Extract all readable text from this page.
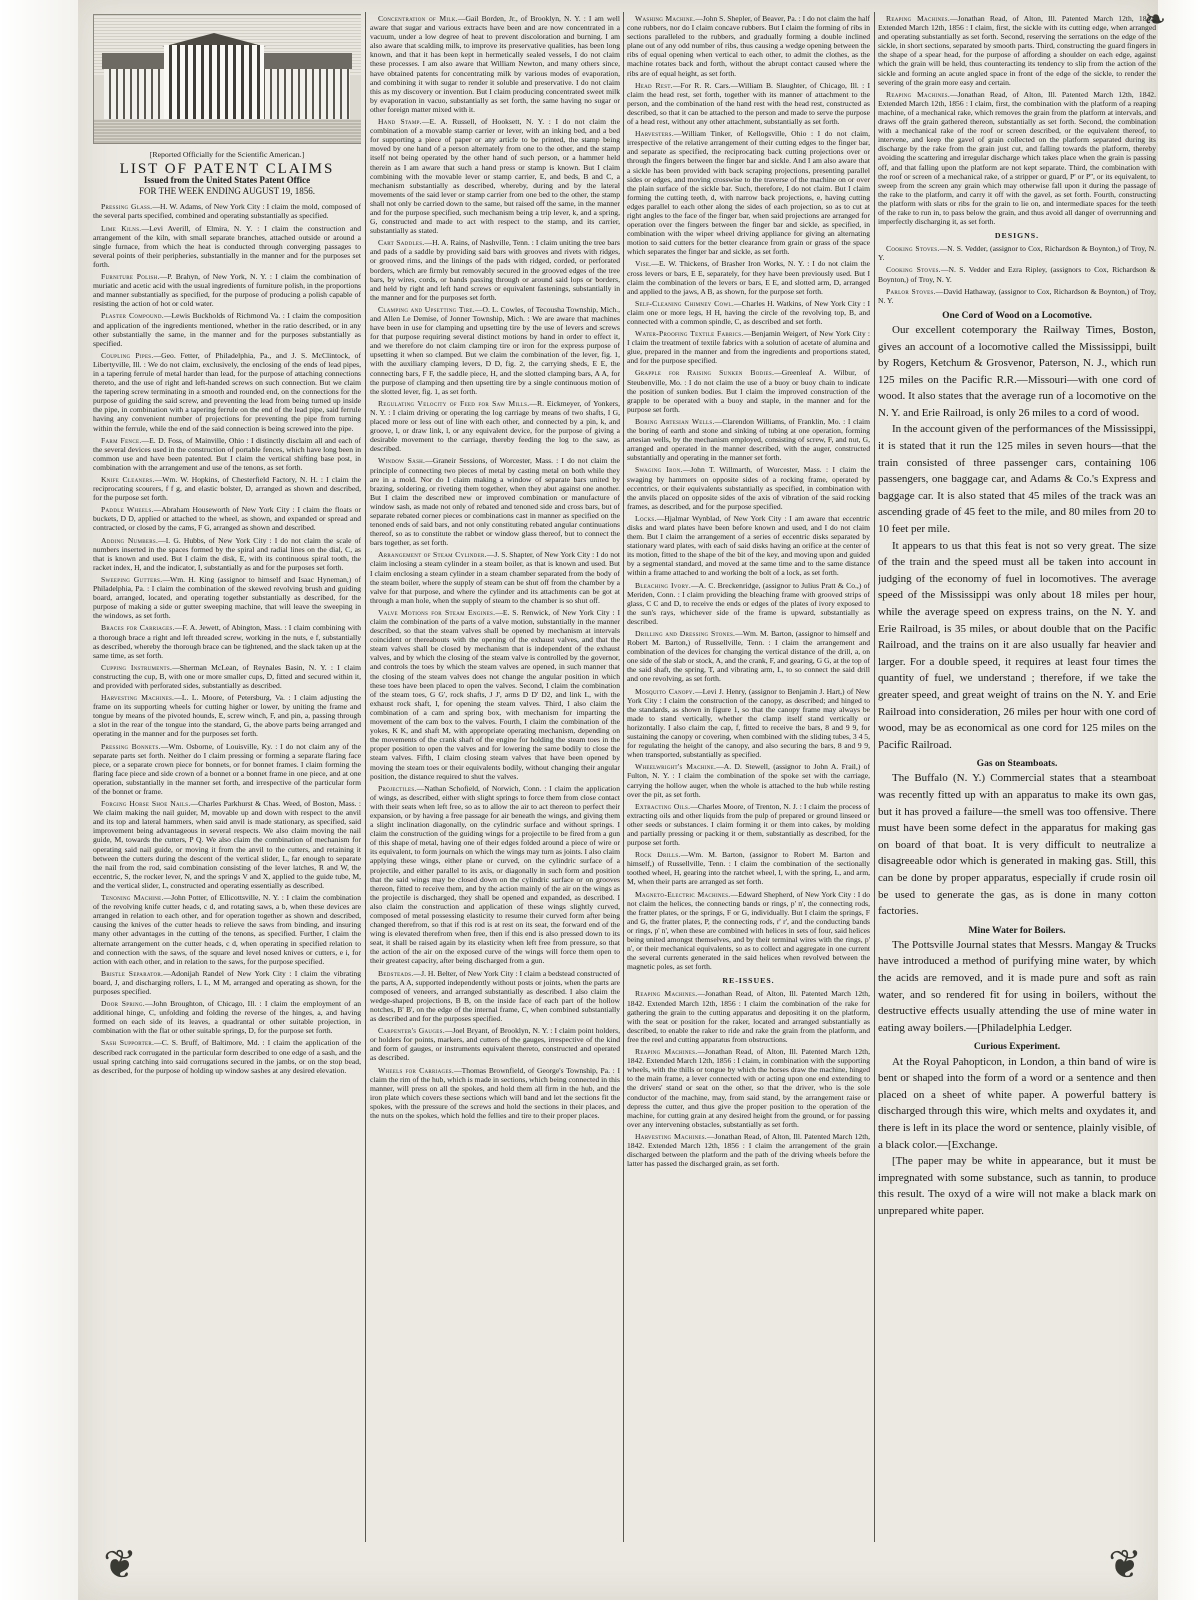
❦	❦
❧
[Reported Officially for the Scientific American.]
LIST OF PATENT CLAIMS
Issued from the United States Patent Office
FOR THE WEEK ENDING AUGUST 19, 1856.

Pressing Glass.—H. W. Adams, of New York City : I claim the mold, composed of the several parts specified, combined and operating substantially as specified.

Lime Kilns.—Levi Averill, of Elmira, N. Y. : I claim the construction and arrangement of the kiln, with small separate branches, attached outside or around a single furnace, from which the heat is conducted through converging passages to several points of their peripheries, substantially in the manner and for the purposes set forth.

Furniture Polish.—P. Brahyn, of New York, N. Y. : I claim the combination of muriatic and acetic acid with the usual ingredients of furniture polish, in the proportions and manner substantially as specified, for the purpose of producing a polish capable of resisting the action of hot or cold water.

Plaster Compound.—Lewis Buckholds of Richmond Va. : I claim the composition and application of the ingredients mentioned, whether in the ratio described, or in any other substantially the same, in the manner and for the purposes substantially as specified.

Coupling Pipes.—Geo. Fetter, of Philadelphia, Pa., and J. S. McClintock, of Libertyville, Ill. : We do not claim, exclusively, the enclosing of the ends of lead pipes, in a tapering ferrule of metal harder than lead, for the purpose of attaching connections thereto, and the use of right and left-handed screws on such connection. But we claim the tapering screw terminating in a smooth and rounded end, on the connections for the purpose of guiding the said screw, and preventing the lead from being turned up inside the pipe, in combination with a tapering ferrule on the end of the lead pipe, said ferrule having any convenient number of projections for preventing the pipe from turning within the ferrule, while the end of the said connection is being screwed into the pipe.

Farm Fence.—E. D. Foss, of Mainville, Ohio : I distinctly disclaim all and each of the several devices used in the construction of portable fences, which have long been in common use and have been patented. But I claim the vertical shifting base post, in combination with the arrangement and use of the tenons, as set forth.

Knife Cleaners.—Wm. W. Hopkins, of Chesterfield Factory, N. H. : I claim the reciprocating scourers, f f g, and elastic bolster, D, arranged as shown and described, for the purpose set forth.

Paddle Wheels.—Abraham Houseworth of New York City : I claim the floats or buckets, D D, applied or attached to the wheel, as shown, and expanded or spread and contracted, or closed by the cams, F G, arranged as shown and described.

Adding Numbers.—I. G. Hubbs, of New York City : I do not claim the scale of numbers inserted in the spaces formed by the spiral and radial lines on the dial, C, as that is known and used. But I claim the disk, E, with its continuous spiral tooth, the racket index, H, and the indicator, I, substantially as and for the purposes set forth.

Sweeping Gutters.—Wm. H. King (assignor to himself and Isaac Hyneman,) of Philadelphia, Pa. : I claim the combination of the skewed revolving brush and guiding board, arranged, located, and operating together substantially as described, for the purpose of making a side or gutter sweeping machine, that will leave the sweeping in the windows, as set forth.

Braces for Carriages.—F. A. Jewett, of Abington, Mass. : I claim combining with a thorough brace a right and left threaded screw, working in the nuts, e f, substantially as described, whereby the thorough brace can be tightened, and the slack taken up at the same time, as set forth.

Cupping Instruments.—Sherman McLean, of Reynales Basin, N. Y. : I claim constructing the cup, B, with one or more smaller cups, D, fitted and secured within it, and provided with perforated sides, substantially as described.

Harvesting Machines.—L. L. Moore, of Petersburg, Va. : I claim adjusting the frame on its supporting wheels for cutting higher or lower, by uniting the frame and tongue by means of the pivoted hounds, E, screw winch, F, and pin, a, passing through a slot in the rear of the tongue into the standard, G, the above parts being arranged and operating in the manner and for the purposes set forth.

Pressing Bonnets.—Wm. Osborne, of Louisville, Ky. : I do not claim any of the separate parts set forth. Neither do I claim pressing or forming a separate flaring face piece, or a separate crown piece for bonnets, or for bonnet frames. I claim forming the flaring face piece and side crown of a bonnet or a bonnet frame in one piece, and at one operation, substantially in the manner set forth, and irrespective of the particular form of the bonnet or frame.

Forging Horse Shoe Nails.—Charles Parkhurst & Chas. Weed, of Boston, Mass. : We claim making the nail guider, M, movable up and down with respect to the anvil and its top and lateral hammers, when said anvil is made stationary, as specified, said improvement being advantageous in several respects. We also claim moving the nail guide, M, towards the cutters, P Q. We also claim the combination of mechanism for operating said nail guide, or moving it from the anvil to the cutters, and retaining it between the cutters during the descent of the vertical slider, L, far enough to separate the nail from the rod, said combination consisting of the lever latches, R and W, the eccentric, S, the rocker lever, N, and the springs V and X, applied to the guide tube, M, and the vertical slider, L, constructed and operating essentially as described.

Tenoning Machine.—John Potter, of Ellicottsville, N. Y. : I claim the combination of the revolving knife cutter heads, c d, and rotating saws, a b, when these devices are arranged in relation to each other, and for operation together as shown and described, causing the knives of the cutter heads to relieve the saws from binding, and insuring many other advantages in the cutting of the tenons, as specified. Further, I claim the alternate arrangement on the cutter heads, c d, when operating in specified relation to and connection with the saws, of the square and level nosed knives or cutters, e i, for action with each other, and in relation to the saws, for the purpose specified.

Bristle Separator.—Adonijah Randel of New York City : I claim the vibrating board, J, and discharging rollers, L L, M M, arranged and operating as shown, for the purposes specified.

Door Spring.—John Broughton, of Chicago, Ill. : I claim the employment of an additional hinge, C, unfolding and folding the reverse of the hinges, a, and having formed on each side of its leaves, a quadrantal or other suitable projection, in combination with the flat or other suitable springs, D, for the purpose set forth.

Sash Supporter.—C. S. Bruff, of Baltimore, Md. : I claim the application of the described rack corrugated in the particular form described to one edge of a sash, and the usual spring catching into said corrugations secured in the jambs, or on the stop bead, as described, for the purpose of holding up window sashes at any desired elevation.

Concentration of Milk.—Gail Borden, Jr., of Brooklyn, N. Y. : I am well aware that sugar and various extracts have been and are now concentrated in a vacuum, under a low degree of heat to prevent discoloration and burning. I am also aware that scalding milk, to improve its preservative qualities, has been long known, and that it has been kept in hermetically sealed vessels, I do not claim these processes. I am also aware that William Newton, and many others since, have obtained patents for concentrating milk by various modes of evaporation, and combining it with sugar to render it soluble and preservative. I do not claim this as my discovery or invention. But I claim producing concentrated sweet milk by evaporation in vacuo, substantially as set forth, the same having no sugar or other foreign matter mixed with it.

Hand Stamp.—E. A. Russell, of Hooksett, N. Y. : I do not claim the combination of a movable stamp carrier or lever, with an inking bed, and a bed for supporting a piece of paper or any article to be printed, the stamp being moved by one hand of a person alternately from one to the other, and the stamp itself not being operated by the other hand of such person, or a hammer held therein as I am aware that such a hand press or stamp is known. But I claim combining with the movable lever or stamp carrier, E, and beds, B and C, a mechanism substantially as described, whereby, during and by the lateral movements of the said lever or stamp carrier from one bed to the other, the stamp shall not only be carried down to the same, but raised off the same, in the manner and for the purpose specified, such mechanism being a trip lever, k, and a spring, G, constructed and made to act with respect to the stamp, and its carrier, substantially as stated.

Cart Saddles.—H. A. Rains, of Nashville, Tenn. : I claim uniting the tree bars and pads of a saddle by providing said bars with grooves and rivets with ridges, or grooved rims, and the linings of the pads with ridged, corded, or perforated borders, which are firmly but removably secured in the grooved edges of the tree bars, by wires, cords, or bands passing through or around said lops or borders, and held by right and left hand screws or equivalent fastenings, substantially in the manner and for the purposes set forth.

Clamping and Upsetting Tire.—O. L. Cowles, of Tecousha Township, Mich., and Allen Le Demise, of Jonner Township, Mich. : We are aware that machines have been in use for clamping and upsetting tire by the use of levers and screws for that purpose requiring several distinct motions by hand in order to effect it, and we therefore do not claim clamping tire or iron for the express purpose of upsetting it when so clamped. But we claim the combination of the lever, fig. 1, with the auxiliary clamping levers, D D, fig. 2, the carrying sheds, E E, the connecting bars, F F, the saddle piece, H, and the slotted clamping bars, A A, for the purpose of clamping and then upsetting tire by a single continuous motion of the slotted lever, fig. 1, as set forth.

Regulating Velocity of Feed for Saw Mills.—R. Eickmeyer, of Yonkers, N. Y. : I claim driving or operating the log carriage by means of two shafts, I G, placed more or less out of line with each other, and connected by a pin, k, and groove, l, or draw link, l, or any equivalent device, for the purpose of giving a desirable movement to the carriage, thereby feeding the log to the saw, as described.

Window Sash.—Graneir Sessions, of Worcester, Mass. : I do not claim the principle of connecting two pieces of metal by casting metal on both while they are in a mold. Nor do I claim making a window of separate bars united by brazing, soldering, or riveting them together, when they abut against one another. But I claim the described new or improved combination or manufacture of window sash, as made not only of rebated and tenoned side and cross bars, but of separate rebated corner pieces or combinations cast in manner as specified on the tenoned ends of said bars, and not only constituting rebated angular continuations thereof, so as to constitute the rabbet or window glass thereof, but to connect the bars together, as set forth.

Arrangement of Steam Cylinder.—J. S. Shapter, of New York City : I do not claim inclosing a steam cylinder in a steam boiler, as that is known and used. But I claim enclosing a steam cylinder in a steam chamber separated from the body of the steam boiler, where the supply of steam can be shut off from the chamber by a valve for that purpose, and where the cylinder and its attachments can be got at through a man hole, when the supply of steam to the chamber is so shut off.

Valve Motions for Steam Engines.—E. S. Renwick, of New York City : I claim the combination of the parts of a valve motion, substantially in the manner described, so that the steam valves shall be opened by mechanism at intervals coincident or thereabouts with the opening of the exhaust valves, and that the steam valves shall be closed by mechanism that is independent of the exhaust valves, and by which the closing of the steam valve is controlled by the governor, and controls the toes by which the steam valves are opened, in such manner that the closing of the steam valves does not change the angular position in which these toes have been placed to open the valves. Second, I claim the combination of the steam toes, G G', rock shafts, J J', arms D D' D2, and link L, with the exhaust rock shaft, I, for opening the steam valves. Third, I also claim the combination of a cam and spring box, with mechanism for imparting the movement of the cam box to the valves. Fourth, I claim the combination of the yokes, K K, and shaft M, with appropriate operating mechanism, depending on the movements of the crank shaft of the engine for holding the steam toes in the proper position to open the valves and for lowering the same bodily to close the steam valves. Fifth, I claim closing steam valves that have been opened by moving the steam toes or their equivalents bodily, without changing their angular position, the distance required to shut the valves.

Projectiles.—Nathan Schofield, of Norwich, Conn. : I claim the application of wings, as described, either with slight springs to force them from close contact with their seats when left free, so as to allow the air to act thereon to perfect their expansion, or by having a free passage for air beneath the wings, and giving them a slight inclination diagonally, on the cylindric surface and without springs. I claim the construction of the guiding wings for a projectile to be fired from a gun of this shape of metal, having one of their edges folded around a piece of wire or its equivalent, to form journals on which the wings may turn as joints. I also claim applying these wings, either plane or curved, on the cylindric surface of a projectile, and either parallel to its axis, or diagonally in such form and position that the said wings may be closed down on the cylindric surface or on grooves thereon, fitted to receive them, and by the action mainly of the air on the wings as the projectile is discharged, they shall be opened and expanded, as described. I also claim the construction and application of these wings slightly curved, composed of metal possessing elasticity to resume their curved form after being changed therefrom, so that if this rod is at rest on its seat, the forward end of the wing is elevated therefrom when free, then if this end is also pressed down to its seat, it shall be raised again by its elasticity when left free from pressure, so that the action of the air on the exposed curve of the wings will force them open to their greatest capacity, after being discharged from a gun.

Bedsteads.—J. H. Belter, of New York City : I claim a bedstead constructed of the parts, A A, supported independently without posts or joints, when the parts are composed of veneers, and arranged substantially as described. I also claim the wedge-shaped projections, B B, on the inside face of each part of the hollow notches, B' B', on the edge of the internal frame, C, when combined substantially as described and for the purposes specified.

Carpenter's Gauges.—Joel Bryant, of Brooklyn, N. Y. : I claim point holders, or holders for points, markers, and cutters of the gauges, irrespective of the kind and form of gauges, or instruments equivalent thereto, constructed and operated as described.

Wheels for Carriages.—Thomas Brownfield, of George's Township, Pa. : I claim the rim of the hub, which is made in sections, which being connected in this manner, will press on all the spokes, and hold them all firm in the hub, and the iron plate which covers these sections which will band and let the sections fit the spokes, with the pressure of the screws and hold the sections in their places, and the nuts on the spokes, which hold the fellies and tire to their proper places.

Washing Machine.—John S. Shepler, of Beaver, Pa. : I do not claim the half cone rubbers, nor do I claim concave rubbers. But I claim the forming of ribs in sections paralleled to the rubbers, and gradually forming a double inclined plane out of any odd number of ribs, thus causing a wedge opening between the ribs of equal opening when vertical to each other, to admit the clothes, as the machine rotates back and forth, without the abrupt contact caused where the ribs are of equal height, as set forth.

Head Rest.—For R. R. Cars.—William B. Slaughter, of Chicago, Ill. : I claim the head rest, set forth, together with its manner of attachment to the person, and the combination of the hand rest with the head rest, constructed as described, so that it can be attached to the person and made to serve the purpose of a head rest, without any other attachment, substantially as set forth.

Harvesters.—William Tinker, of Kellogsville, Ohio : I do not claim, irrespective of the relative arrangement of their cutting edges to the finger bar, and separate as specified, the reciprocating back cutting projections over or through the fingers between the finger bar and sickle. And I am also aware that a sickle has been provided with back scraping projections, presenting parallel sides or edges, and moving crosswise to the traverse of the machine on or over the plain surface of the sickle bar. Such, therefore, I do not claim. But I claim forming the cutting teeth, d, with narrow back projections, e, having cutting edges parallel to each other along the sides of each projection, so as to cut at right angles to the face of the finger bar, when said projections are arranged for operation over the fingers between the finger bar and sickle, as specified, in combination with the wiper wheel driving appliance for giving an alternating motion to said cutters for the better clearance from grain or grass of the space which separates the finger bar and sickle, as set forth.

Vise.—E. W. Thickens, of Brasher Iron Works, N. Y. : I do not claim the cross levers or bars, E E, separately, for they have been previously used. But I claim the combination of the levers or bars, E E, and slotted arm, D, arranged and applied to the jaws, A B, as shown, for the purpose set forth.

Self-Cleaning Chimney Cowl.—Charles H. Watkins, of New York City : I claim one or more legs, H H, having the circle of the revolving top, B, and connected with a common spindle, C, as described and set forth.

Water-Proofing Textile Fabrics.—Benjamin Weigert, of New York City : I claim the treatment of textile fabrics with a solution of acetate of alumina and glue, prepared in the manner and from the ingredients and proportions stated, and for the purpose specified.

Grapple for Raising Sunken Bodies.—Greenleaf A. Wilbur, of Steubenville, Mo. : I do not claim the use of a buoy or buoy chain to indicate the position of sunken bodies. But I claim the improved construction of the grapple to be operated with a buoy and staple, in the manner and for the purpose set forth.

Boring Artesian Wells.—Clarendon Williams, of Franklin, Mo. : I claim the boring of earth and stone and sinking of tubing at one operation, forming artesian wells, by the mechanism employed, consisting of screw, F, and nut, G, arranged and operated in the manner described, with the auger, constructed substantially and operating in the manner set forth.

Swaging Iron.—John T. Willmarth, of Worcester, Mass. : I claim the swaging by hammers on opposite sides of a rocking frame, operated by eccentrics, or their equivalents substantially as specified, in combination with the anvils placed on opposite sides of the axis of vibration of the said rocking frames, as described, and for the purpose specified.

Locks.—Hjalmar Wynblad, of New York City : I am aware that eccentric disks and ward plates have been before known and used, and I do not claim them. But I claim the arrangement of a series of eccentric disks separated by stationary ward plates, with each of said disks having an orifice at the center of its motion, fitted to the shape of the bit of the key, and moving upon and guided by a segmental standard, and moved at the same time and to the same distance within a frame attached to and working the bolt of a lock, as set forth.

Bleaching Ivory.—A. C. Breckenridge, (assignor to Julius Pratt & Co.,) of Meriden, Conn. : I claim providing the bleaching frame with grooved strips of glass, C C and D, to receive the ends or edges of the plates of ivory exposed to the sun's rays, whichever side of the frame is upward, substantially as described.

Drilling and Dressing Stones.—Wm. M. Barton, (assignor to himself and Robert M. Barton,) of Russellville, Tenn. : I claim the arrangement and combination of the devices for changing the vertical distance of the drill, a, on one side of the slab or stock, A, and the crank, F, and gearing, G G, at the top of the said shaft, the spring, T, and vibrating arm, L, to so connect the said drill and one revolving, as set forth.

Mosquito Canopy.—Levi J. Henry, (assignor to Benjamin J. Hart,) of New York City : I claim the construction of the canopy, as described; and hinged to the standards, as shown in figure 1, so that the canopy frame may always be made to stand vertically, whether the clamp itself stand vertically or horizontally. I also claim the cap, f, fitted to receive the bars, 8 and 9 9, for sustaining the canopy or covering, when combined with the sliding tubes, 3 4 5, for regulating the height of the canopy, and also securing the bars, 8 and 9 9, when transported, substantially as specified.

Wheelwright's Machine.—A. D. Stewell, (assignor to John A. Frail,) of Fulton, N. Y. : I claim the combination of the spoke set with the carriage, carrying the hollow auger, when the whole is attached to the hub while resting over the pit, as set forth.

Extracting Oils.—Charles Moore, of Trenton, N. J. : I claim the process of extracting oils and other liquids from the pulp of prepared or ground linseed or other seeds or substances. I claim forming it or them into cakes, by molding and partially pressing or packing it or them, substantially as described, for the purpose set forth.

Rock Drills.—Wm. M. Barton, (assignor to Robert M. Barton and himself,) of Russellville, Tenn. : I claim the combination of the sectionally toothed wheel, H, gearing into the ratchet wheel, I, with the spring, L, and arm, M, when their parts are arranged as set forth.

Magneto-Electric Machines.—Edward Shepherd, of New York City : I do not claim the helices, the connecting bands or rings, p' n', the connecting rods, the fratter plates, or the springs, F or G, individually. But I claim the springs, F and G, the fratter plates, P, the connecting rods, r' r', and the conducting bands or rings, p' n', when these are combined with helices in sets of four, said helices being united amongst themselves, and by their terminal wires with the rings, p' n', or their mechanical equivalents, so as to collect and aggregate in one current the several currents generated in the said helices when revolved between the magnetic poles, as set forth.

RE-ISSUES.

Reaping Machines.—Jonathan Read, of Alton, Ill. Patented March 12th, 1842. Extended March 12th, 1856 : I claim the combination of the rake for gathering the grain to the cutting apparatus and depositing it on the platform, with the seat or position for the raker, located and arranged substantially as described, to enable the raker to ride and rake the grain from the platform, and free the reel and cutting apparatus from obstructions.

Reaping Machines.—Jonathan Read, of Alton, Ill. Patented March 12th, 1842. Extended March 12th, 1856 : I claim, in combination with the supporting wheels, with the thills or tongue by which the horses draw the machine, hinged to the main frame, a lever connected with or acting upon one end extending to the drivers' stand or seat on the other, so that the driver, who is the sole conductor of the machine, may, from said stand, by the arrangement raise or depress the cutter, and thus give the proper position to the operation of the machine, for cutting grain at any desired height from the ground, or for passing over any intervening obstacles, substantially as set forth.

Harvesting Machines.—Jonathan Read, of Alton, Ill. Patented March 12th, 1842. Extended March 12th, 1856 : I claim the arrangement of the grain discharged between the platform and the path of the driving wheels before the latter has passed the discharged grain, as set forth.

Reaping Machines.—Jonathan Read, of Alton, Ill. Patented March 12th, 1842. Extended March 12th, 1856 : I claim, first, the sickle with its cutting edge, when arranged and operating substantially as set forth. Second, reserving the serrations on the edge of the sickle, in short sections, separated by smooth parts. Third, constructing the guard fingers in the shape of a spear head, for the purpose of affording a shoulder on each edge, against which the grain will be held, thus counteracting its tendency to slip from the action of the sickle and forming an acute angled space in front of the edge of the sickle, to render the severing of the grain more easy and certain.

Reaping Machines.—Jonathan Read, of Alton, Ill. Patented March 12th, 1842. Extended March 12th, 1856 : I claim, first, the combination with the platform of a reaping machine, of a mechanical rake, which removes the grain from the platform at intervals, and draws off the grain gathered thereon, substantially as set forth. Second, the combination with a mechanical rake of the roof or screen described, or the equivalent thereof, to intervene, and keep the gavel of grain collected on the platform separated during its discharge by the rake from the grain just cut, and falling towards the platform, thereby avoiding the scattering and irregular discharge which takes place when the grain is passing off, and that falling upon the platform are not kept separate. Third, the combination with the roof or screen of a mechanical rake, of a stripper or guard, P' or P'', or its equivalent, to sweep from the screen any grain which may otherwise fall upon it during the passage of the rake to the platform, and carry it off with the gavel, as set forth. Fourth, constructing the platform with slats or ribs for the grain to lie on, and intermediate spaces for the teeth of the rake to run in, to pass below the grain, and thus avoid all danger of overrunning and imperfectly discharging it, as set forth.

DESIGNS.

Cooking Stoves.—N. S. Vedder, (assignor to Cox, Richardson & Boynton,) of Troy, N. Y.

Cooking Stoves.—N. S. Vedder and Ezra Ripley, (assignors to Cox, Richardson & Boynton,) of Troy, N. Y.

Parlor Stoves.—David Hathaway, (assignor to Cox, Richardson & Boynton,) of Troy, N. Y.

One Cord of Wood on a Locomotive.

Our excellent cotemporary the Railway Times, Boston, gives an account of a locomotive called the Mississippi, built by Rogers, Ketchum & Grosvenor, Paterson, N. J., which run 125 miles on the Pacific R.R.—Missouri—with one cord of wood. It also states that the average run of a locomotive on the N. Y. and Erie Railroad, is only 26 miles to a cord of wood.

In the account given of the performances of the Mississippi, it is stated that it run the 125 miles in seven hours—that the train consisted of three passenger cars, containing 106 passengers, one baggage car, and Adams & Co.'s Express and baggage car. It is also stated that 45 miles of the track was an ascending grade of 45 feet to the mile, and 80 miles from 20 to 10 feet per mile.

It appears to us that this feat is not so very great. The size of the train and the speed must all be taken into account in judging of the economy of fuel in locomotives. The average speed of the Mississippi was only about 18 miles per hour, while the average speed on express trains, on the N. Y. and Erie Railroad, is 35 miles, or about double that on the Pacific Railroad, and the trains on it are also usually far heavier and larger. For a double speed, it requires at least four times the quantity of fuel, we understand ; therefore, if we take the greater speed, and great weight of trains on the N. Y. and Erie Railroad into consideration, 26 miles per hour with one cord of wood, may be as economical as one cord for 125 miles on the Pacific Railroad.

Gas on Steamboats.

The Buffalo (N. Y.) Commercial states that a steamboat was recently fitted up with an apparatus to make its own gas, but it has proved a failure—the smell was too offensive. There must have been some defect in the apparatus for making gas on board of that boat. It is very difficult to neutralize a disagreeable odor which is generated in making gas. Still, this can be done by proper apparatus, especially if crude rosin oil be used to generate the gas, as is done in many cotton factories.

Mine Water for Boilers.

The Pottsville Journal states that Messrs. Mangay & Trucks have introduced a method of purifying mine water, by which the acids are removed, and it is made pure and soft as rain water, and so rendered fit for using in boilers, without the destructive effects usually attending the use of mine water in eating away boilers.—[Philadelphia Ledger.

Curious Experiment.

At the Royal Pahopticon, in London, a thin band of wire is bent or shaped into the form of a word or a sentence and then placed on a sheet of white paper. A powerful battery is discharged through this wire, which melts and oxydates it, and there is left in its place the word or sentence, plainly visible, of a black color.—[Exchange.

[The paper may be white in appearance, but it must be impregnated with some substance, such as tannin, to produce this result. The oxyd of a wire will not make a black mark on unprepared white paper.
